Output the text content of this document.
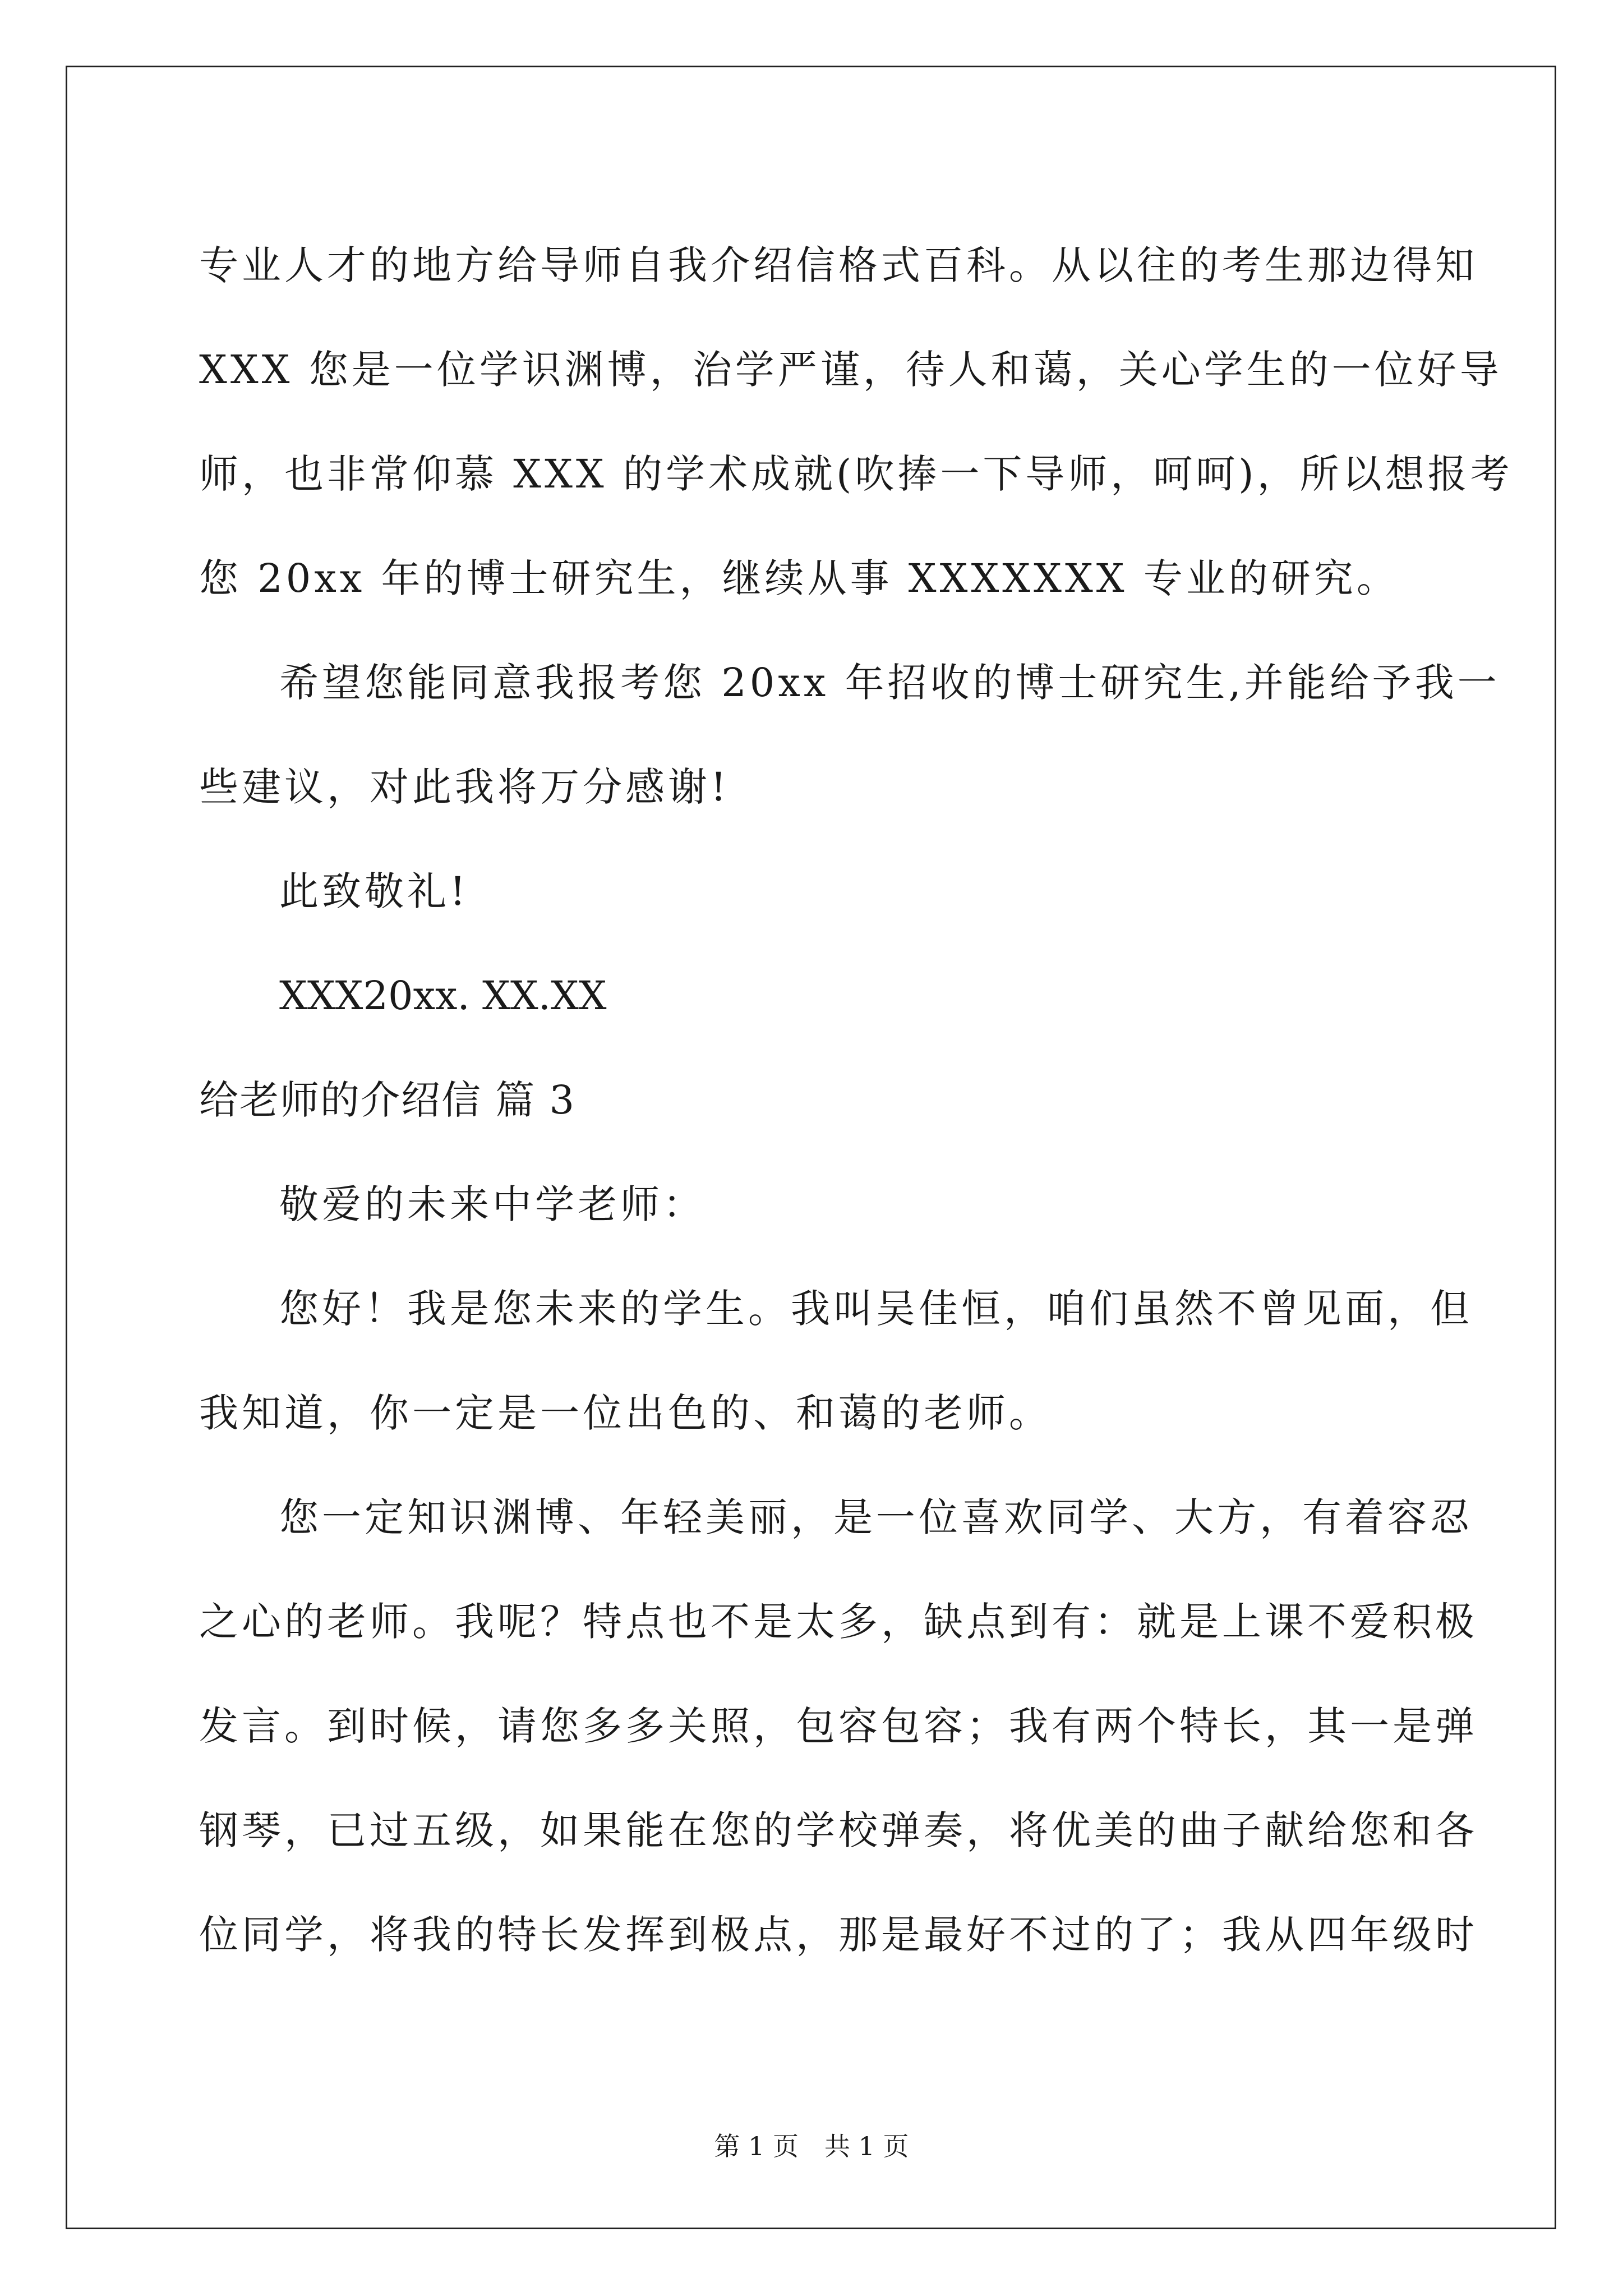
专业人才的地方给导师自我介绍信格式百科。从以往的考生那边得知
XXX 您是一位学识渊博，治学严谨，待人和蔼，关心学生的一位好导
师，也非常仰慕 XXX 的学术成就(吹捧一下导师，呵呵)，所以想报考
您 20xx 年的博士研究生，继续从事 XXXXXXX 专业的研究。
希望您能同意我报考您 20xx 年招收的博士研究生,并能给予我一
些建议，对此我将万分感谢!
此致敬礼!
XXX20xx. XX.XX
给老师的介绍信 篇 3
敬爱的未来中学老师：
您好！我是您未来的学生。我叫吴佳恒，咱们虽然不曾见面，但
我知道，你一定是一位出色的、和蔼的老师。
您一定知识渊博、年轻美丽，是一位喜欢同学、大方，有着容忍
之心的老师。我呢？特点也不是太多，缺点到有：就是上课不爱积极
发言。到时候，请您多多关照，包容包容；我有两个特长，其一是弹
钢琴，已过五级，如果能在您的学校弹奏，将优美的曲子献给您和各
位同学，将我的特长发挥到极点，那是最好不过的了；我从四年级时
第 1 页 共 1 页
